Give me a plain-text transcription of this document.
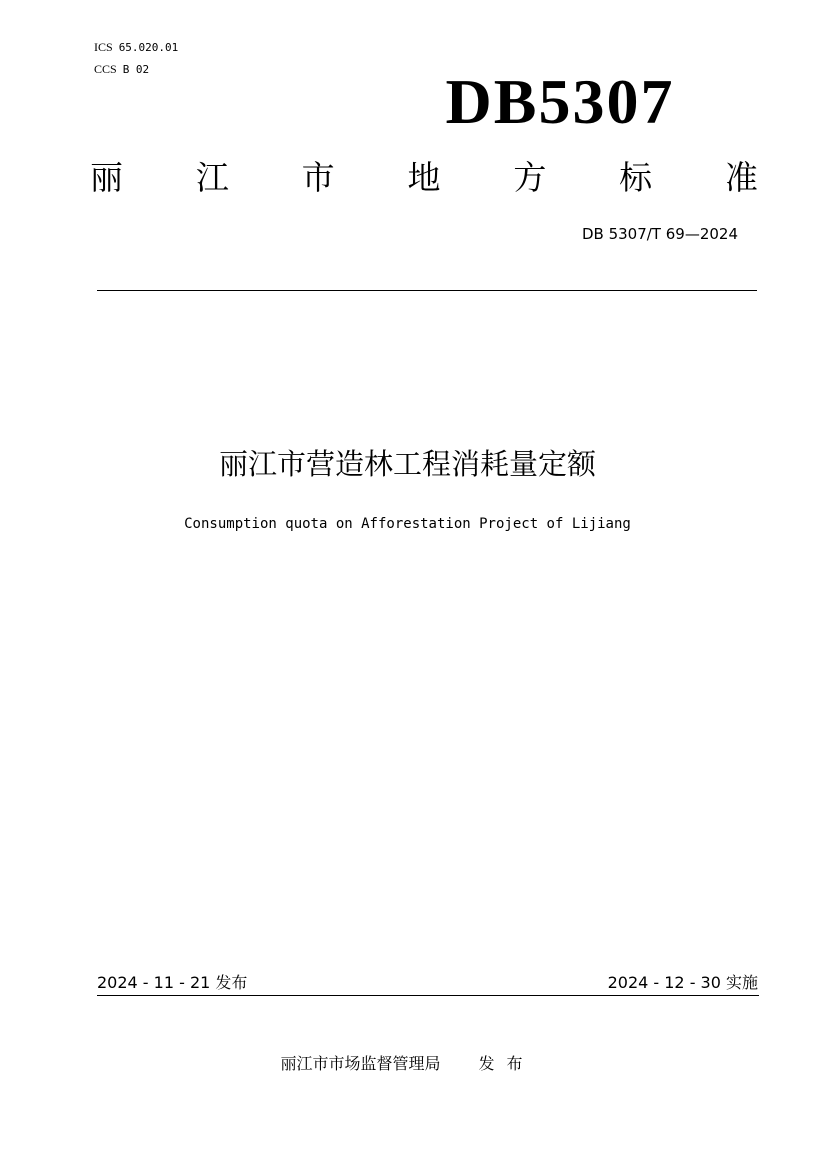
ICS 65.020.01
CCS B 02	DB5307
丽 江 市 地 方 标 准
DB 5307/T 69—2024
丽江市营造林工程消耗量定额
Consumption quota on Afforestation Project of Lijiang
2024 - 11 - 21 发布	2024 - 12 - 30 实施
丽江市市场监督管理局 发布
